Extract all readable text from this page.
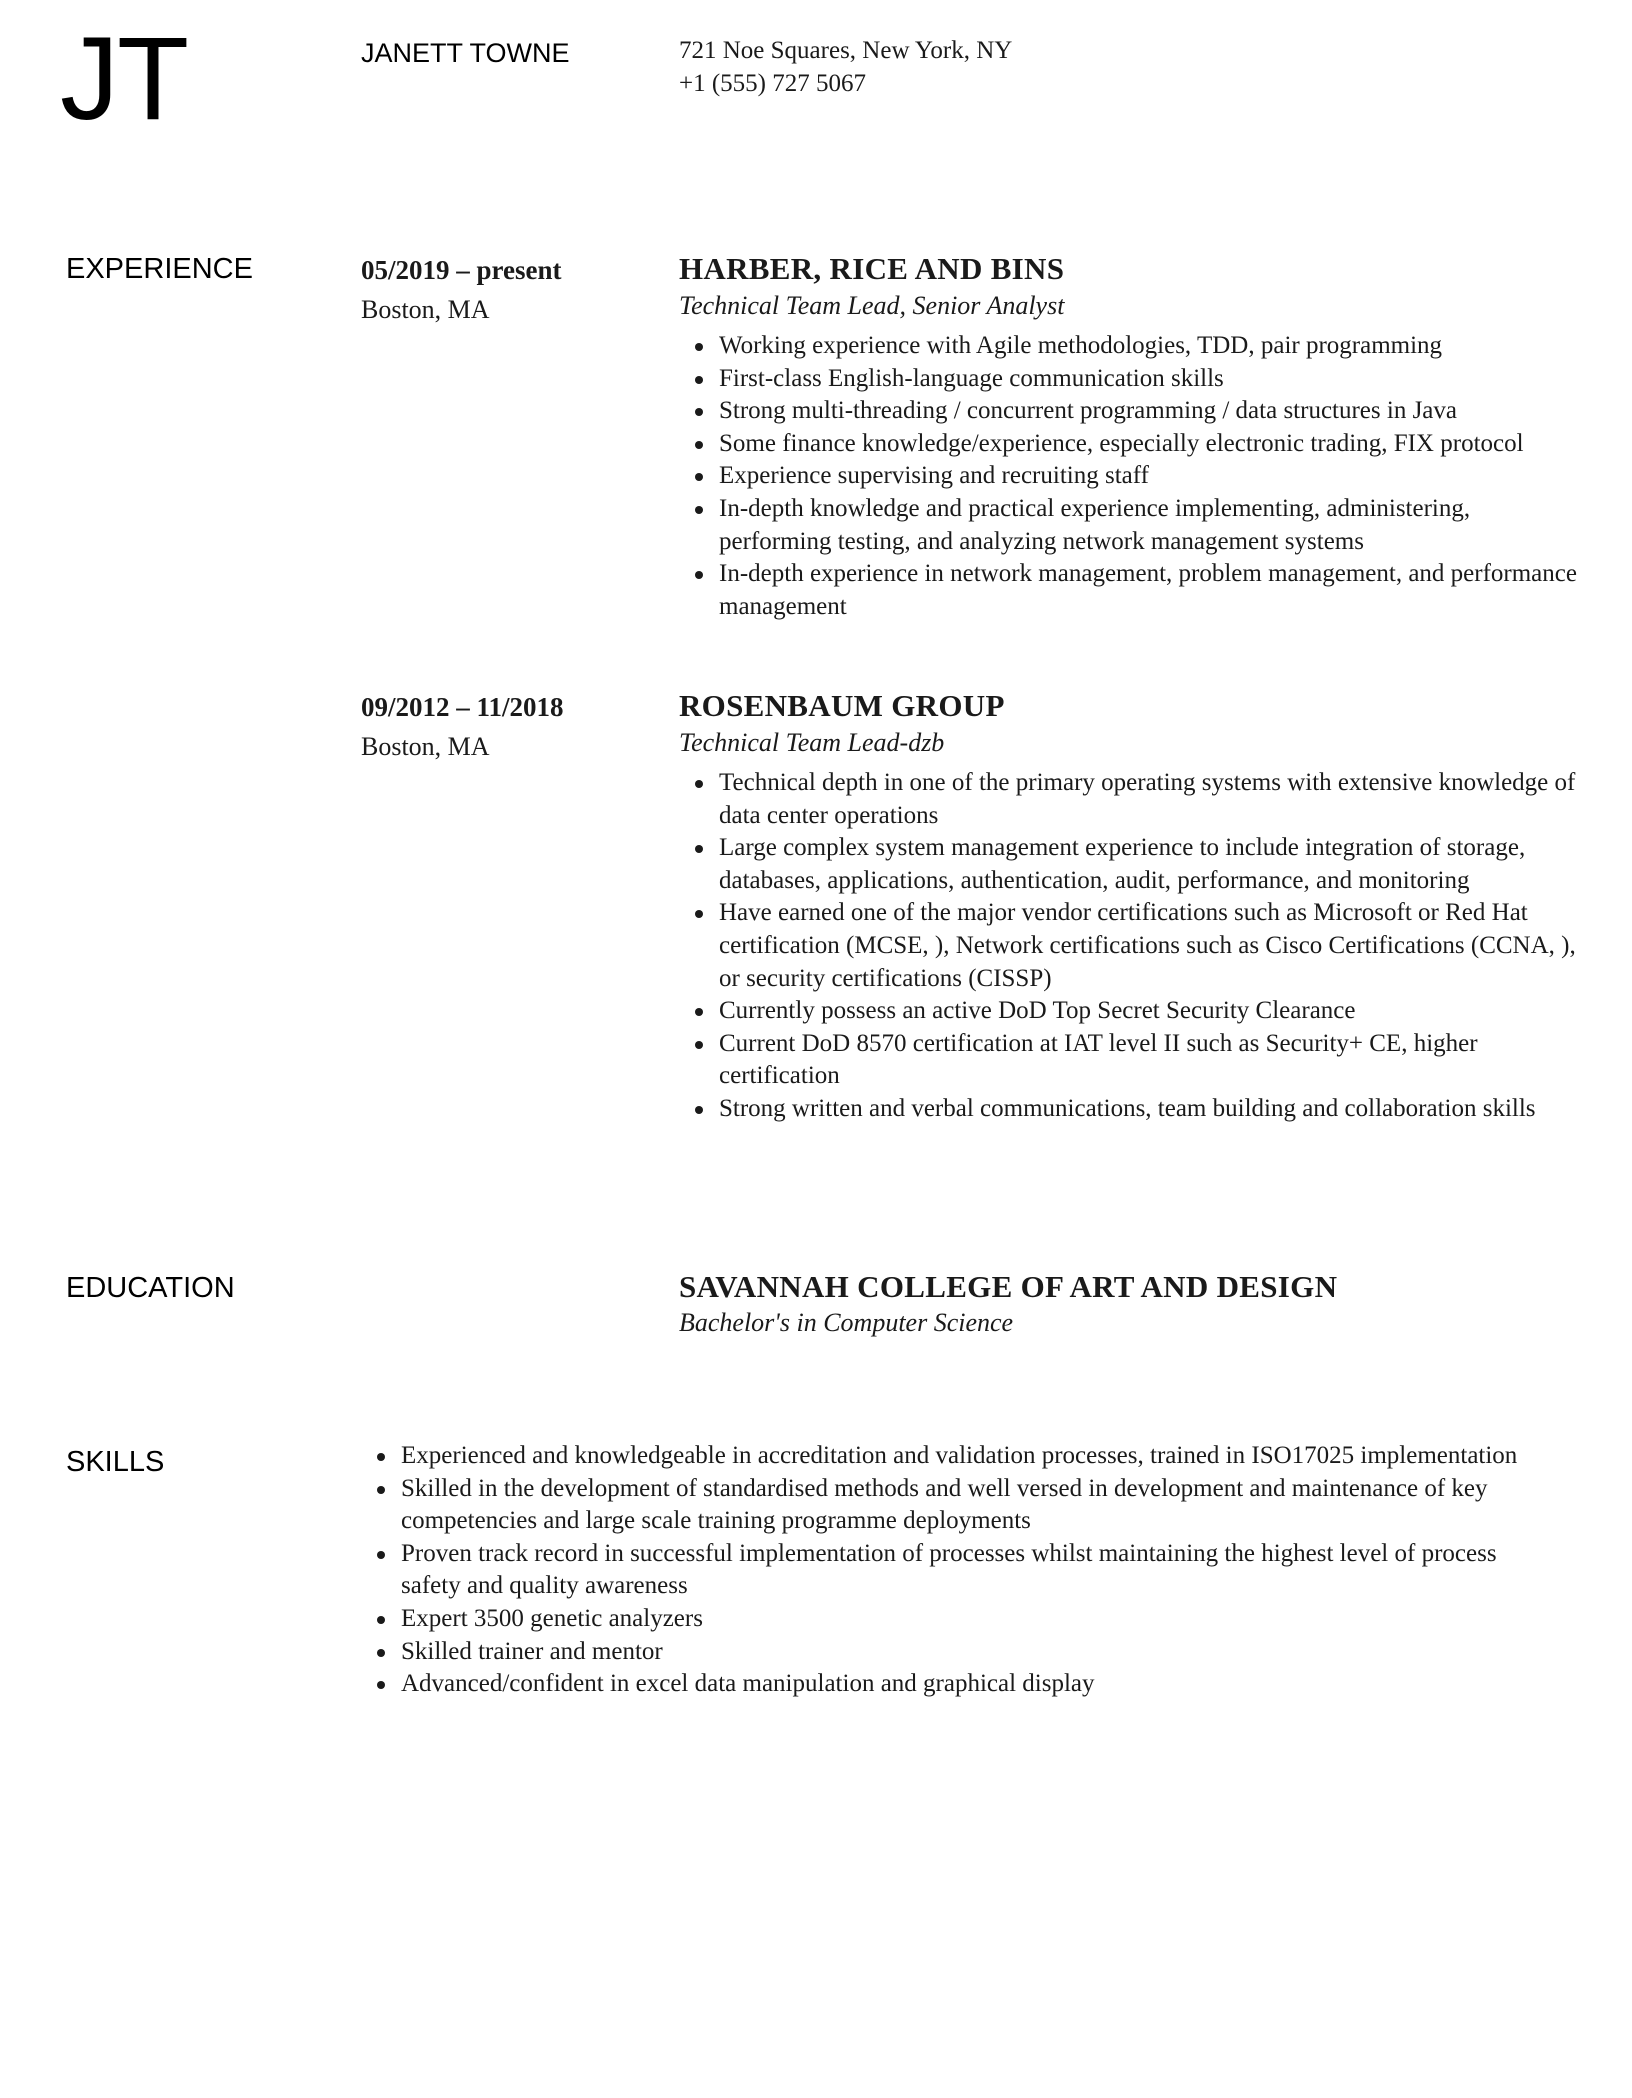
JT	JANETT TOWNE	721 Noe Squares, New York, NY
+1 (555) 727 5067
EXPERIENCE	05/2019 – present
Boston, MA
HARBER, RICE AND BINS
Technical Team Lead, Senior Analyst
Working experience with Agile methodologies, TDD, pair programming
First-class English-language communication skills
Strong multi-threading / concurrent programming / data structures in Java
Some finance knowledge/experience, especially electronic trading, FIX protocol
Experience supervising and recruiting staff
In-depth knowledge and practical experience implementing, administering, performing testing, and analyzing network management systems
In-depth experience in network management, problem management, and performance management
09/2012 – 11/2018
Boston, MA
ROSENBAUM GROUP
Technical Team Lead-dzb
Technical depth in one of the primary operating systems with extensive knowledge of data center operations
Large complex system management experience to include integration of storage, databases, applications, authentication, audit, performance, and monitoring
Have earned one of the major vendor certifications such as Microsoft or Red Hat certification (MCSE, ), Network certifications such as Cisco Certifications (CCNA, ), or security certifications (CISSP)
Currently possess an active DoD Top Secret Security Clearance
Current DoD 8570 certification at IAT level II such as Security+ CE, higher certification
Strong written and verbal communications, team building and collaboration skills
EDUCATION	SAVANNAH COLLEGE OF ART AND DESIGN
Bachelor's in Computer Science
SKILLS	Experienced and knowledgeable in accreditation and validation processes, trained in ISO17025 implementation
Skilled in the development of standardised methods and well versed in development and maintenance of key competencies and large scale training programme deployments
Proven track record in successful implementation of processes whilst maintaining the highest level of process safety and quality awareness
Expert 3500 genetic analyzers
Skilled trainer and mentor
Advanced/confident in excel data manipulation and graphical display
